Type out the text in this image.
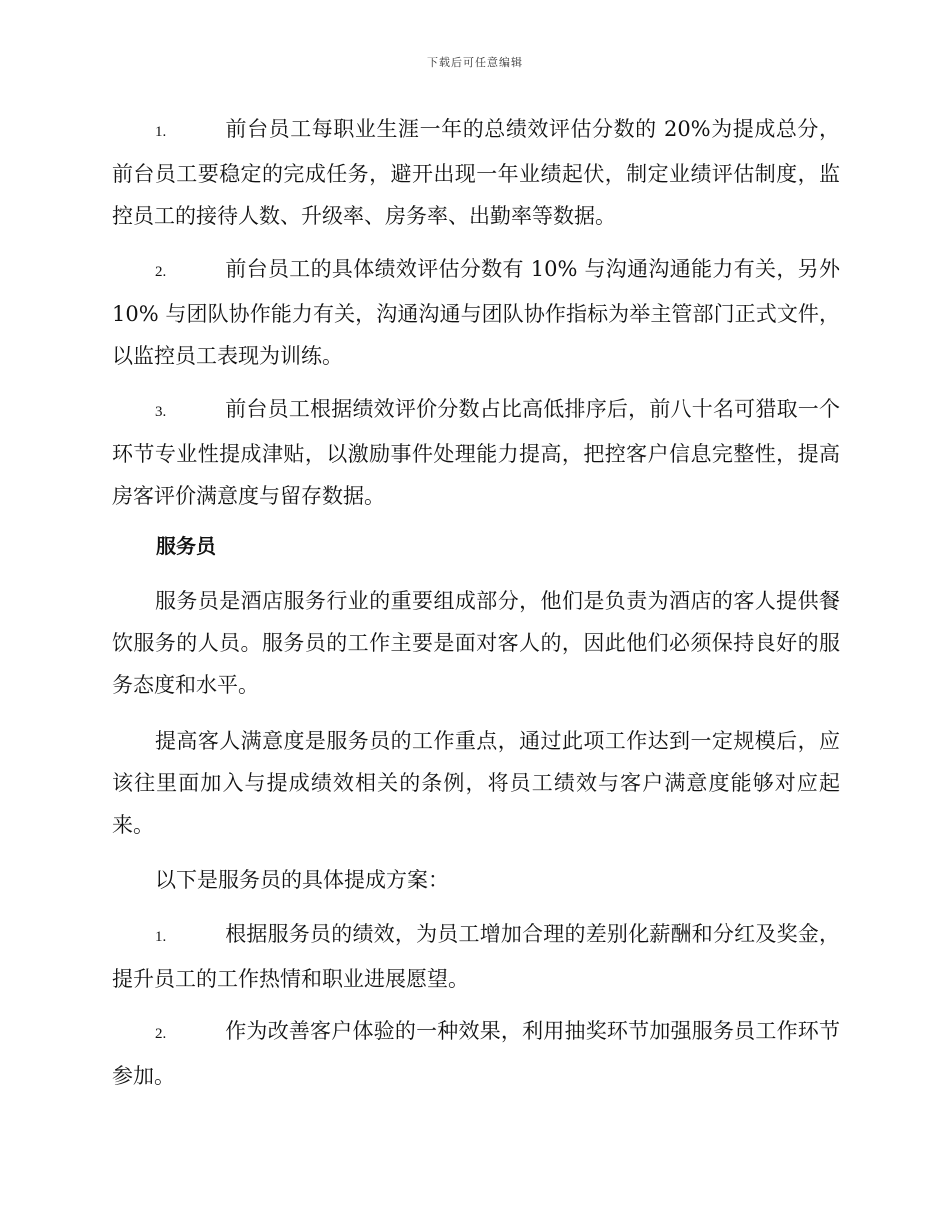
下载后可任意编辑

1.	前台员工每职业生涯一年的总绩效评估分数的 20%为提成总分，前台员工要稳定的完成任务，避开出现一年业绩起伏，制定业绩评估制度，监控员工的接待人数、升级率、房务率、出勤率等数据。

2.	前台员工的具体绩效评估分数有 10% 与沟通沟通能力有关，另外 10% 与团队协作能力有关，沟通沟通与团队协作指标为举主管部门正式文件，以监控员工表现为训练。

3.	前台员工根据绩效评价分数占比高低排序后，前八十名可猎取一个环节专业性提成津贴，以激励事件处理能力提高，把控客户信息完整性，提高房客评价满意度与留存数据。

服务员

服务员是酒店服务行业的重要组成部分，他们是负责为酒店的客人提供餐饮服务的人员。服务员的工作主要是面对客人的，因此他们必须保持良好的服务态度和水平。

提高客人满意度是服务员的工作重点，通过此项工作达到一定规模后，应该往里面加入与提成绩效相关的条例，将员工绩效与客户满意度能够对应起来。

以下是服务员的具体提成方案：

1.	根据服务员的绩效，为员工增加合理的差别化薪酬和分红及奖金，提升员工的工作热情和职业进展愿望。

2.	作为改善客户体验的一种效果，利用抽奖环节加强服务员工作环节参加。
